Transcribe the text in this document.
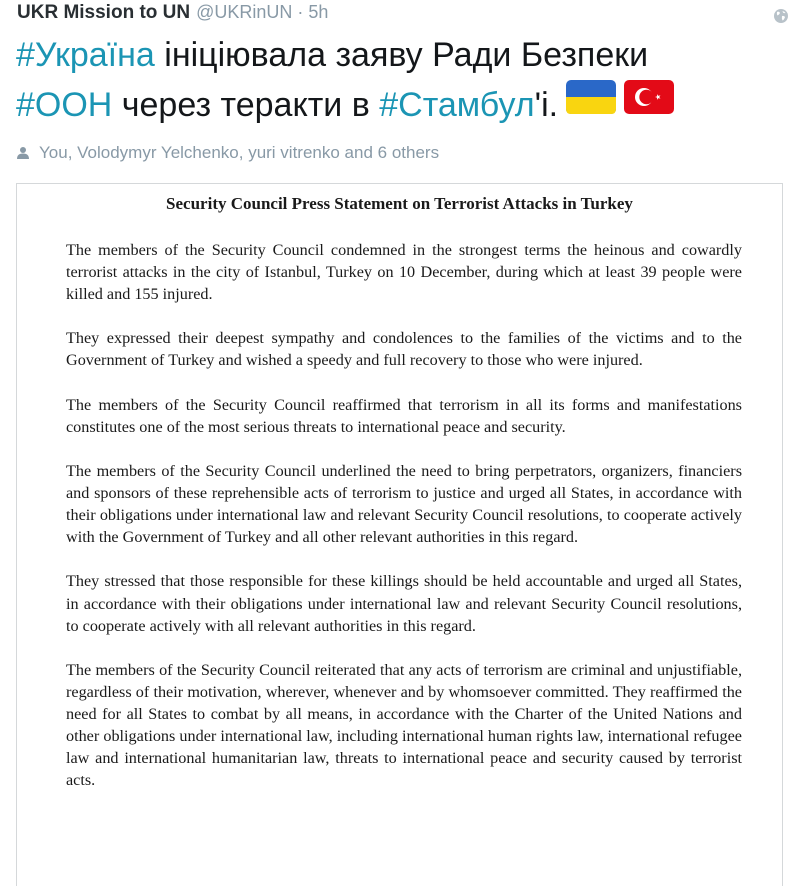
UKR Mission to UN @UKRinUN · 5h
#Україна ініціювала заяву Ради Безпеки
#ООН через теракти в #Стамбул'і.
You, Volodymyr Yelchenko, yuri vitrenko and 6 others
Security Council Press Statement on Terrorist Attacks in Turkey

The members of the Security Council condemned in the strongest terms the heinous and cowardly terrorist attacks in the city of Istanbul, Turkey on 10 December, during which at least 39 people were killed and 155 injured.

They expressed their deepest sympathy and condolences to the families of the victims and to the Government of Turkey and wished a speedy and full recovery to those who were injured.

The members of the Security Council reaffirmed that terrorism in all its forms and manifestations constitutes one of the most serious threats to international peace and security.

The members of the Security Council underlined the need to bring perpetrators, organizers, financiers and sponsors of these reprehensible acts of terrorism to justice and urged all States, in accordance with their obligations under international law and relevant Security Council resolutions, to cooperate actively with the Government of Turkey and all other relevant authorities in this regard.

They stressed that those responsible for these killings should be held accountable and urged all States, in accordance with their obligations under international law and relevant Security Council resolutions, to cooperate actively with all relevant authorities in this regard.

The members of the Security Council reiterated that any acts of terrorism are criminal and unjustifiable, regardless of their motivation, wherever, whenever and by whomsoever committed. They reaffirmed the need for all States to combat by all means, in accordance with the Charter of the United Nations and other obligations under international law, including international human rights law, international refugee law and international humanitarian law, threats to international peace and security caused by terrorist acts.
